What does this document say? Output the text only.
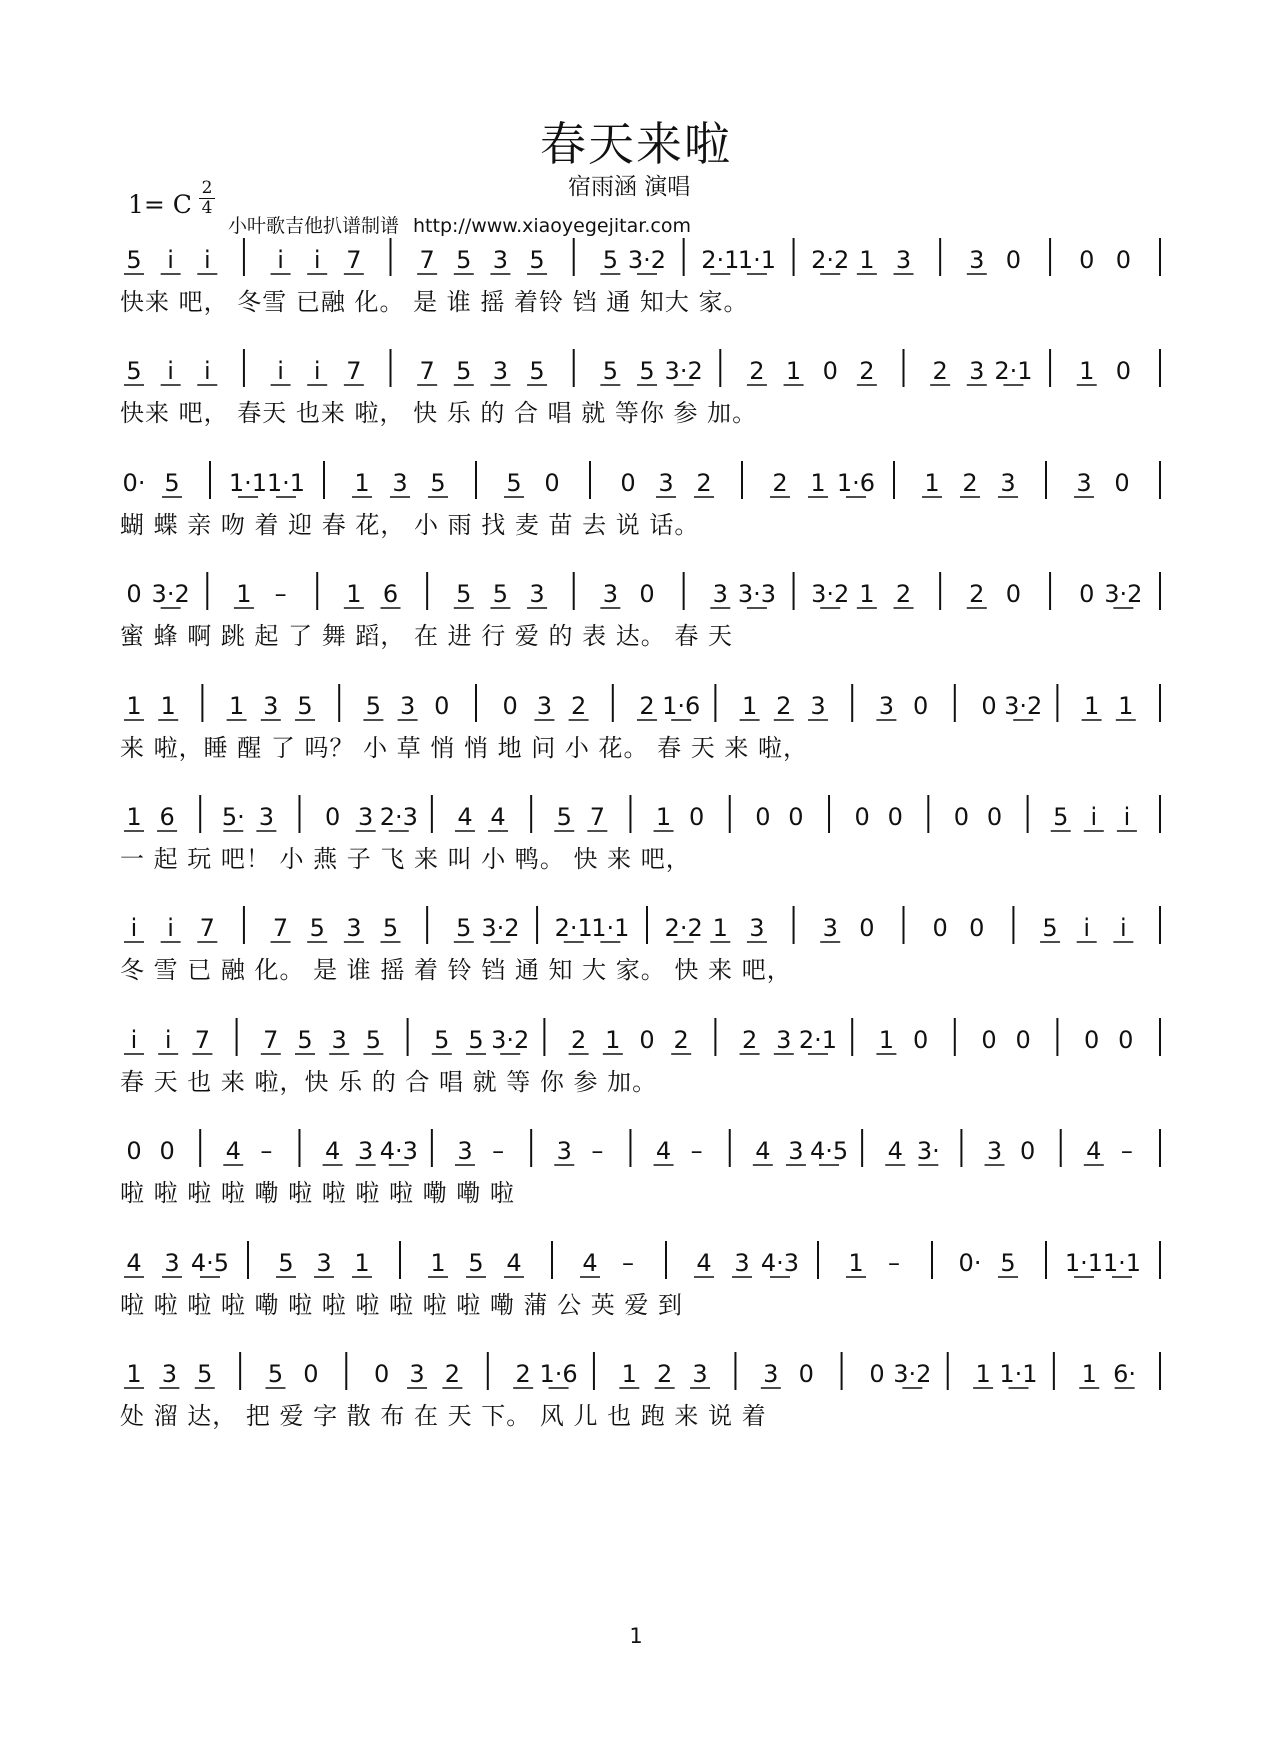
春天来啦
宿雨涵 演唱
1= C
2
4
小叶歌吉他扒谱制谱 http://www.xiaoyegejitar.com
5 i i	i i 7 7 5 3 5 5 3·2 2·1
1·1 2·2 1 3 3 0 0 0
快来 吧， 冬雪 已融 化。 是 谁 摇 着铃 铛 通 知大 家。
5 i i	i i 7 7 5 3 5 5 5 3·2 2 1 0 2 2 3 2·1 1 0
快来 吧， 春天 也来 啦， 快 乐 的 合 唱 就 等你 参 加。
0· 5 1·1 1·1 1 3 5	5 0	0 3 2	2 1 1·6 1 2 3	3 0
蝴 蝶 亲 吻 着 迎 春 花， 小 雨 找 麦 苗 去 说 话。
0 3·2 1 – 1 6 5 5 3 3 0 3 3·3 3·2 1 2 2 0 0 3·2
蜜 蜂 啊 跳 起 了 舞 蹈， 在 进 行 爱 的 表 达。 春 天
1 1 1 3 5 5 3 0 0 3 2 2 1·6 1 2 3 3 0 0 3·2 1 1
来 啦，睡 醒 了 吗？ 小 草 悄 悄 地 问 小 花。 春 天 来 啦，
1 6 5· 3 0 3 2·3 4 4 5 7 1 0 0 0 0 0 0 0 5 i i
一 起 玩 吧！ 小 燕 子 飞 来 叫 小 鸭。 快 来 吧，
i i 7 7 5 3 5 5 3·2 2·1
1·1 2·2 1 3 3 0 0 0 5 i i
冬 雪 已 融 化。 是 谁 摇 着 铃 铛 通 知 大 家。 快 来 吧，
i i 7 7 5 3 5 5 5 3·2 2 1 0 2 2 3 2·1 1 0 0 0 0 0
春 天 也 来 啦，快 乐 的 合 唱 就 等 你 参 加。
0 0 4 – 4 3 4·3 3 – 3 – 4 – 4 3 4·5 4 3· 3 0 4 –
啦 啦 啦 啦 嘞 啦 啦 啦 啦 嘞 嘞 啦
4 3 4·5 5 3 1	1 5 4	4 –	4 3 4·3 1 – 0· 5 1·1 1·1
啦 啦 啦 啦 嘞 啦 啦 啦 啦 啦 啦 嘞 蒲 公 英 爱 到
1 3 5 5 0 0 3 2 2 1·6 1 2 3 3 0 0 3·2 1 1·1 1 6·
处 溜 达， 把 爱 字 散 布 在 天 下。 风 儿 也 跑 来 说 着
1
